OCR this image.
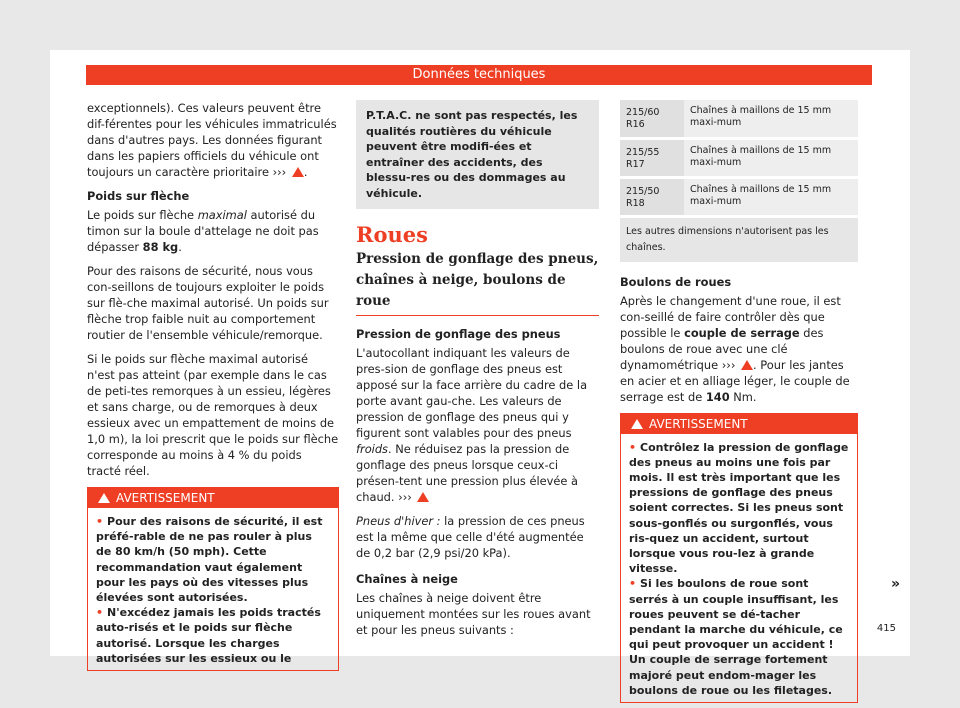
Données techniques

exceptionnels). Ces valeurs peuvent être dif-férentes pour les véhicules immatriculés dans d'autres pays. Les données figurant dans les papiers officiels du véhicule ont toujours un caractère prioritaire ››› .

Poids sur flèche

Le poids sur flèche maximal autorisé du timon sur la boule d'attelage ne doit pas dépasser 88 kg.

Pour des raisons de sécurité, nous vous con-seillons de toujours exploiter le poids sur flè-che maximal autorisé. Un poids sur flèche trop faible nuit au comportement routier de l'ensemble véhicule/remorque.

Si le poids sur flèche maximal autorisé n'est pas atteint (par exemple dans le cas de peti-tes remorques à un essieu, légères et sans charge, ou de remorques à deux essieux avec un empattement de moins de 1,0 m), la loi prescrit que le poids sur flèche corresponde au moins à 4 % du poids tracté réel.

AVERTISSEMENT
• Pour des raisons de sécurité, il est préfé-rable de ne pas rouler à plus de 80 km/h (50 mph). Cette recommandation vaut également pour les pays où des vitesses plus élevées sont autorisées.
• N'excédez jamais les poids tractés auto-risés et le poids sur flèche autorisé. Lorsque les charges autorisées sur les essieux ou le
P.T.A.C. ne sont pas respectés, les qualités routières du véhicule peuvent être modifi-ées et entraîner des accidents, des blessu-res ou des dommages au véhicule.
Roues
Pression de gonflage des pneus, chaînes à neige, boulons de roue
Pression de gonflage des pneus

L'autocollant indiquant les valeurs de pres-sion de gonflage des pneus est apposé sur la face arrière du cadre de la porte avant gau-che. Les valeurs de pression de gonflage des pneus qui y figurent sont valables pour des pneus froids. Ne réduisez pas la pression de gonflage des pneus lorsque ceux-ci présen-tent une pression plus élevée à chaud. ›››

Pneus d'hiver : la pression de ces pneus est la même que celle d'été augmentée de 0,2 bar (2,9 psi/20 kPa).

Chaînes à neige

Les chaînes à neige doivent être uniquement montées sur les roues avant et pour les pneus suivants :

215/60 R16	Chaînes à maillons de 15 mm maxi-mum
215/55 R17	Chaînes à maillons de 15 mm maxi-mum
215/50 R18	Chaînes à maillons de 15 mm maxi-mum
Les autres dimensions n'autorisent pas les chaînes.
Boulons de roues

Après le changement d'une roue, il est con-seillé de faire contrôler dès que possible le couple de serrage des boulons de roue avec une clé dynamométrique ››› . Pour les jantes en acier et en alliage léger, le couple de serrage est de 140 Nm.

AVERTISSEMENT
• Contrôlez la pression de gonflage des pneus au moins une fois par mois. Il est très important que les pressions de gonflage des pneus soient correctes. Si les pneus sont sous-gonflés ou surgonflés, vous ris-quez un accident, surtout lorsque vous rou-lez à grande vitesse.
• Si les boulons de roue sont serrés à un couple insuffisant, les roues peuvent se dé-tacher pendant la marche du véhicule, ce qui peut provoquer un accident ! Un couple de serrage fortement majoré peut endom-mager les boulons de roue ou les filetages.
»
415
